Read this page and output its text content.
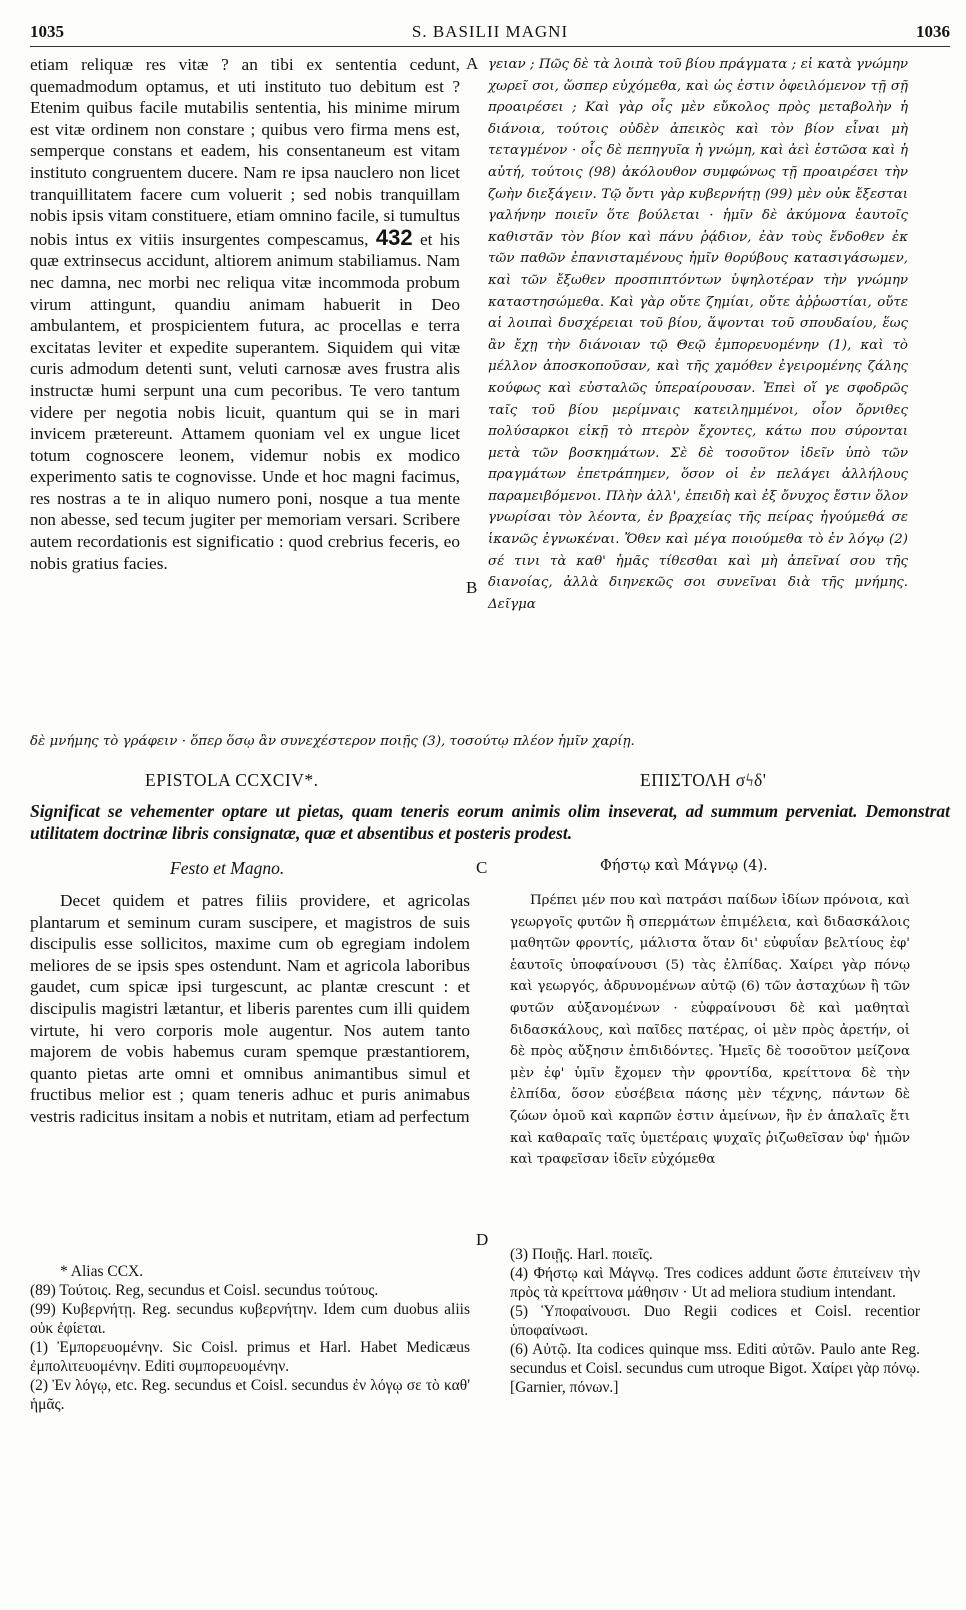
1035	S. BASILII MAGNI	1036

etiam reliquæ res vitæ ? an tibi ex sententia cedunt, quemadmodum optamus, et uti instituto tuo debitum est ? Etenim quibus facile mutabilis sententia, his minime mirum est vitæ ordinem non constare ; quibus vero firma mens est, semperque constans et eadem, his consentaneum est vitam instituto congruentem ducere. Nam re ipsa nauclero non licet tranquillitatem facere cum voluerit ; sed nobis tranquillam nobis ipsis vitam constituere, etiam omnino facile, si tumultus nobis intus ex vitiis insurgentes compescamus, 432 et his quæ extrinsecus accidunt, altiorem animum stabiliamus. Nam nec damna, nec morbi nec reliqua vitæ incommoda probum virum attingunt, quandiu animam habuerit in Deo ambulantem, et prospicientem futura, ac procellas e terra excitatas leviter et expedite superantem. Siquidem qui vitæ curis admodum detenti sunt, veluti carnosæ aves frustra alis instructæ humi serpunt una cum pecoribus. Te vero tantum videre per negotia nobis licuit, quantum qui se in mari invicem prætereunt. Attamem quoniam vel ex ungue licet totum cognoscere leonem, videmur nobis ex modico experimento satis te cognovisse. Unde et hoc magni facimus, res nostras a te in aliquo numero poni, nosque a tua mente non abesse, sed tecum jugiter per memoriam versari. Scribere autem recordationis est significatio : quod crebrius feceris, eo nobis gratius facies.

A
B

γειαν ; Πῶς δὲ τὰ λοιπὰ τοῦ βίου πράγματα ; εἰ κατὰ γνώμην χωρεῖ σοι, ὥσπερ εὐχόμεθα, καὶ ὡς ἐστιν ὀφειλόμενον τῇ σῇ προαιρέσει ; Καὶ γὰρ οἷς μὲν εὔκολος πρὸς μεταβολὴν ἡ διάνοια, τούτοις οὐδὲν ἀπεικὸς καὶ τὸν βίον εἶναι μὴ τεταγμένον · οἷς δὲ πεπηγυῖα ἡ γνώμη, καὶ ἀεὶ ἑστῶσα καὶ ἡ αὐτή, τούτοις (98) ἀκόλουθον συμφώνως τῇ προαιρέσει τὴν ζωὴν διεξάγειν. Τῷ ὄντι γὰρ κυβερνήτῃ (99) μὲν οὐκ ἔξεσται γαλήνην ποιεῖν ὅτε βούλεται · ἡμῖν δὲ ἀκύμονα ἑαυτοῖς καθιστᾶν τὸν βίον καὶ πάνυ ῥᾴδιον, ἐὰν τοὺς ἔνδοθεν ἐκ τῶν παθῶν ἐπανισταμένους ἡμῖν θορύβους κατασιγάσωμεν, καὶ τῶν ἔξωθεν προσπιπτόντων ὑψηλοτέραν τὴν γνώμην καταστησώμεθα. Καὶ γὰρ οὔτε ζημίαι, οὔτε ἀῤῥωστίαι, οὔτε αἱ λοιπαὶ δυσχέρειαι τοῦ βίου, ἅψονται τοῦ σπουδαίου, ἕως ἂν ἔχῃ τὴν διάνοιαν τῷ Θεῷ ἐμπορευομένην (1), καὶ τὸ μέλλον ἀποσκοποῦσαν, καὶ τῆς χαμόθεν ἐγειρομένης ζάλης κούφως καὶ εὐσταλῶς ὑπεραίρουσαν. Ἐπεὶ οἵ γε σφοδρῶς ταῖς τοῦ βίου μερίμναις κατειλημμένοι, οἷον ὄρνιθες πολύσαρκοι εἰκῇ τὸ πτερὸν ἔχοντες, κάτω που σύρονται μετὰ τῶν βοσκημάτων. Σὲ δὲ τοσοῦτον ἰδεῖν ὑπὸ τῶν πραγμάτων ἐπετράπημεν, ὅσον οἱ ἐν πελάγει ἀλλήλους παραμειβόμενοι. Πλὴν ἀλλ', ἐπειδὴ καὶ ἐξ ὄνυχος ἔστιν ὅλον γνωρίσαι τὸν λέοντα, ἐν βραχείας τῆς πείρας ἡγούμεθά σε ἱκανῶς ἐγνωκέναι. Ὅθεν καὶ μέγα ποιούμεθα τὸ ἐν λόγῳ (2) σέ τινι τὰ καθ' ἡμᾶς τίθεσθαι καὶ μὴ ἀπεῖναί σου τῆς διανοίας, ἀλλὰ διηνεκῶς σοι συνεῖναι διὰ τῆς μνήμης. Δεῖγμα

δὲ μνήμης τὸ γράφειν · ὅπερ ὅσῳ ἂν συνεχέστερον ποιῇς (3), τοσούτῳ πλέον ἡμῖν χαρίῃ.
EPISTOLA CCXCIV*.	ΕΠΙΣΤΟΛΗ σϟδ'
Significat se vehementer optare ut pietas, quam teneris eorum animis olim inseverat, ad summum perveniat. Demonstrat utilitatem doctrinæ libris consignatæ, quæ et absentibus et posteris prodest.
Festo et Magno.	C	Φήστῳ καὶ Μάγνῳ (4).

Decet quidem et patres filiis providere, et agricolas plantarum et seminum curam suscipere, et magistros de suis discipulis esse sollicitos, maxime cum ob egregiam indolem meliores de se ipsis spes ostendunt. Nam et agricola laboribus gaudet, cum spicæ ipsi turgescunt, ac plantæ crescunt : et discipulis magistri lætantur, et liberis parentes cum illi quidem virtute, hi vero corporis mole augentur. Nos autem tanto majorem de vobis habemus curam spemque præstantiorem, quanto pietas arte omni et omnibus animantibus simul et fructibus melior est ; quam teneris adhuc et puris animabus vestris radicitus insitam a nobis et nutritam, etiam ad perfectum

Πρέπει μέν που καὶ πατράσι παίδων ἰδίων πρόνοια, καὶ γεωργοῖς φυτῶν ἢ σπερμάτων ἐπιμέλεια, καὶ διδασκάλοις μαθητῶν φροντίς, μάλιστα ὅταν δι' εὐφυΐαν βελτίους ἐφ' ἑαυτοῖς ὑποφαίνουσι (5) τὰς ἐλπίδας. Χαίρει γὰρ πόνῳ καὶ γεωργός, ἁδρυνομένων αὐτῷ (6) τῶν ἀσταχύων ἢ τῶν φυτῶν αὐξανομένων · εὐφραίνουσι δὲ καὶ μαθηταὶ διδασκάλους, καὶ παῖδες πατέρας, οἱ μὲν πρὸς ἀρετήν, οἱ δὲ πρὸς αὔξησιν ἐπιδιδόντες. Ἡμεῖς δὲ τοσοῦτον μείζονα μὲν ἐφ' ὑμῖν ἔχομεν τὴν φροντίδα, κρείττονα δὲ τὴν ἐλπίδα, ὅσον εὐσέβεια πάσης μὲν τέχνης, πάντων δὲ ζώων ὁμοῦ καὶ καρπῶν ἐστιν ἀμείνων, ἣν ἐν ἁπαλαῖς ἔτι καὶ καθαραῖς ταῖς ὑμετέραις ψυχαῖς ῥιζωθεῖσαν ὑφ' ἡμῶν καὶ τραφεῖσαν ἰδεῖν εὐχόμεθα

D

* Alias CCX.

(89) Τούτοις. Reg, secundus et Coisl. secundus τούτους.

(99) Κυβερνήτῃ. Reg. secundus κυβερνήτην. Idem cum duobus aliis οὐκ ἐφίεται.

(1) Ἐμπορευομένην. Sic Coisl. primus et Harl. Habet Medicæus ἐμπολιτευομένην. Editi συμπορευομένην.

(2) Ἐν λόγῳ, etc. Reg. secundus et Coisl. secundus ἐν λόγῳ σε τὸ καθ' ἡμᾶς.

(3) Ποιῇς. Harl. ποιεῖς.

(4) Φήστῳ καὶ Μάγνῳ. Tres codices addunt ὥστε ἐπιτείνειν τὴν πρὸς τὰ κρείττονα μάθησιν · Ut ad meliora studium intendant.

(5) Ὑποφαίνουσι. Duo Regii codices et Coisl. recentior ὑποφαίνωσι.

(6) Αὐτῷ. Ita codices quinque mss. Editi αὐτῶν. Paulo ante Reg. secundus et Coisl. secundus cum utroque Bigot. Χαίρει γὰρ πόνῳ. [Garnier, πόνων.]
